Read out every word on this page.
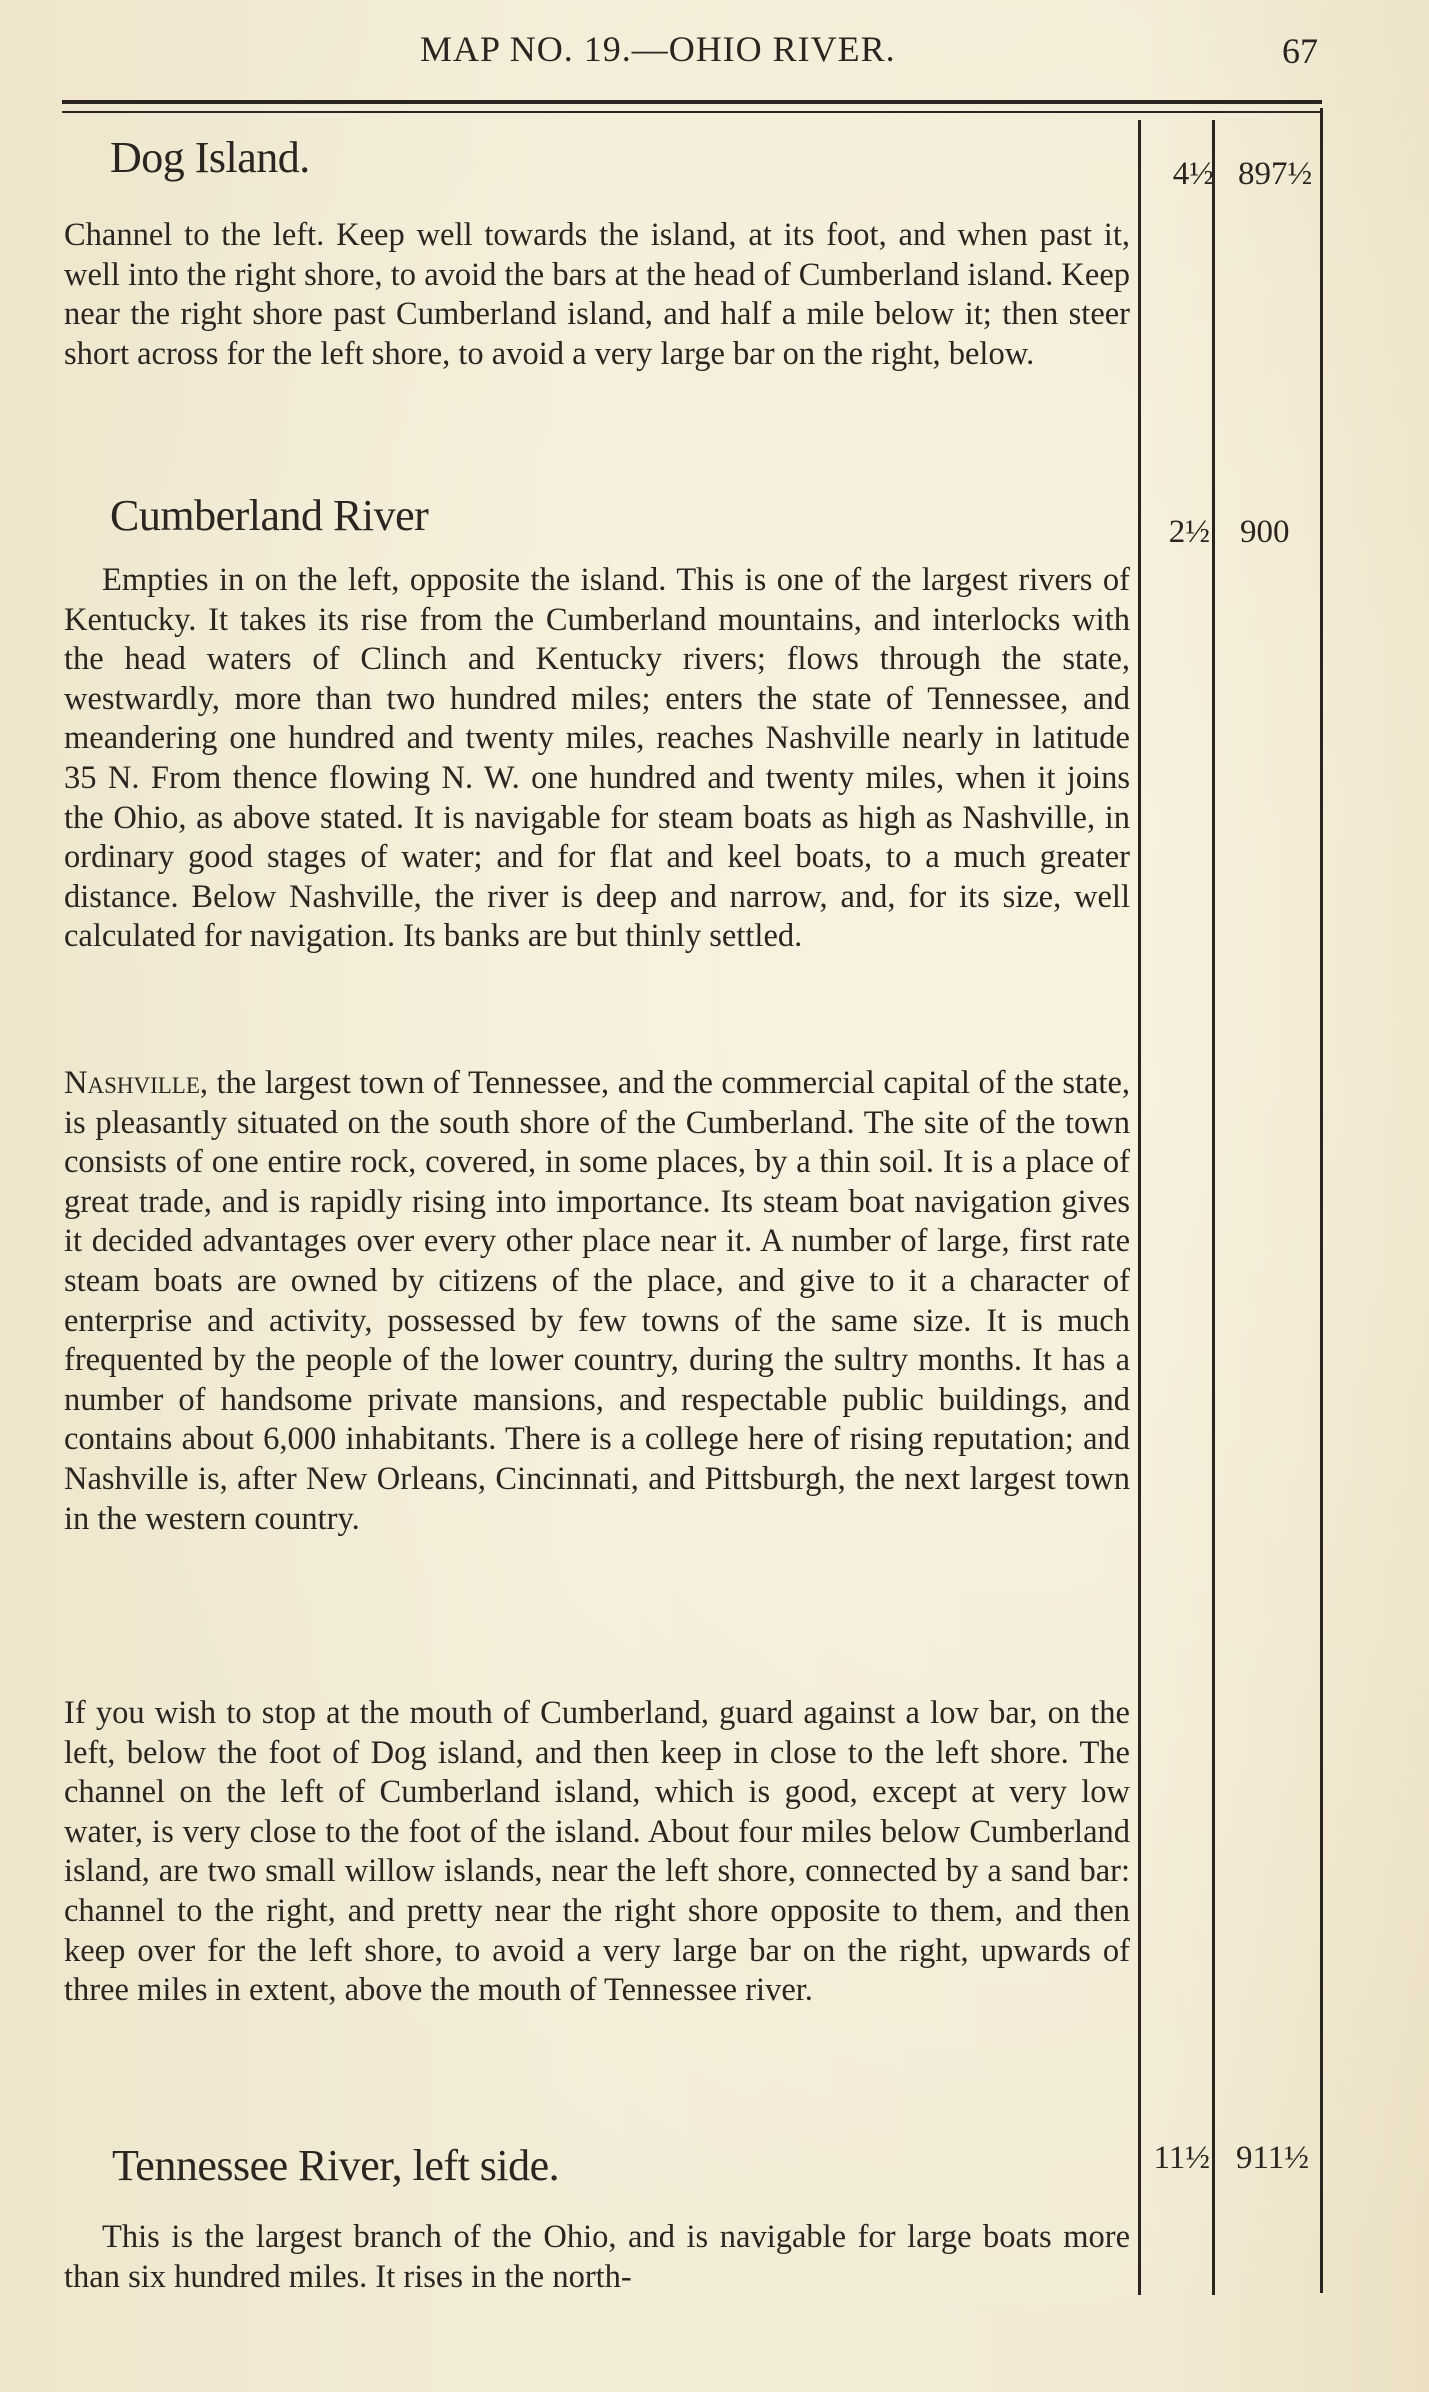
MAP NO. 19.—OHIO RIVER.	67
Dog Island.	4½ 897½
Channel to the left. Keep well towards the island, at its foot, and when past it, well into the right shore, to avoid the bars at the head of Cumberland island. Keep near the right shore past Cumberland island, and half a mile below it; then steer short across for the left shore, to avoid a very large bar on the right, below.
Cumberland River	2½ 900
Empties in on the left, opposite the island. This is one of the largest rivers of Kentucky. It takes its rise from the Cumberland mountains, and interlocks with the head waters of Clinch and Kentucky rivers; flows through the state, westwardly, more than two hundred miles; enters the state of Tennessee, and meandering one hundred and twenty miles, reaches Nashville nearly in latitude 35 N. From thence flowing N. W. one hundred and twenty miles, when it joins the Ohio, as above stated. It is navigable for steam boats as high as Nashville, in ordinary good stages of water; and for flat and keel boats, to a much greater distance. Below Nashville, the river is deep and narrow, and, for its size, well calculated for navigation. Its banks are but thinly settled.
Nashville, the largest town of Tennessee, and the commercial capital of the state, is pleasantly situated on the south shore of the Cumberland. The site of the town consists of one entire rock, covered, in some places, by a thin soil. It is a place of great trade, and is rapidly rising into importance. Its steam boat navigation gives it decided advantages over every other place near it. A number of large, first rate steam boats are owned by citizens of the place, and give to it a character of enterprise and activity, possessed by few towns of the same size. It is much frequented by the people of the lower country, during the sultry months. It has a number of handsome private mansions, and respectable public buildings, and contains about 6,000 inhabitants. There is a college here of rising reputation; and Nashville is, after New Orleans, Cincinnati, and Pittsburgh, the next largest town in the western country.
If you wish to stop at the mouth of Cumberland, guard against a low bar, on the left, below the foot of Dog island, and then keep in close to the left shore. The channel on the left of Cumberland island, which is good, except at very low water, is very close to the foot of the island. About four miles below Cumberland island, are two small willow islands, near the left shore, connected by a sand bar: channel to the right, and pretty near the right shore opposite to them, and then keep over for the left shore, to avoid a very large bar on the right, upwards of three miles in extent, above the mouth of Tennessee river.
Tennessee River, left side.	11½ 911½
This is the largest branch of the Ohio, and is navigable for large boats more than six hundred miles. It rises in the north-
